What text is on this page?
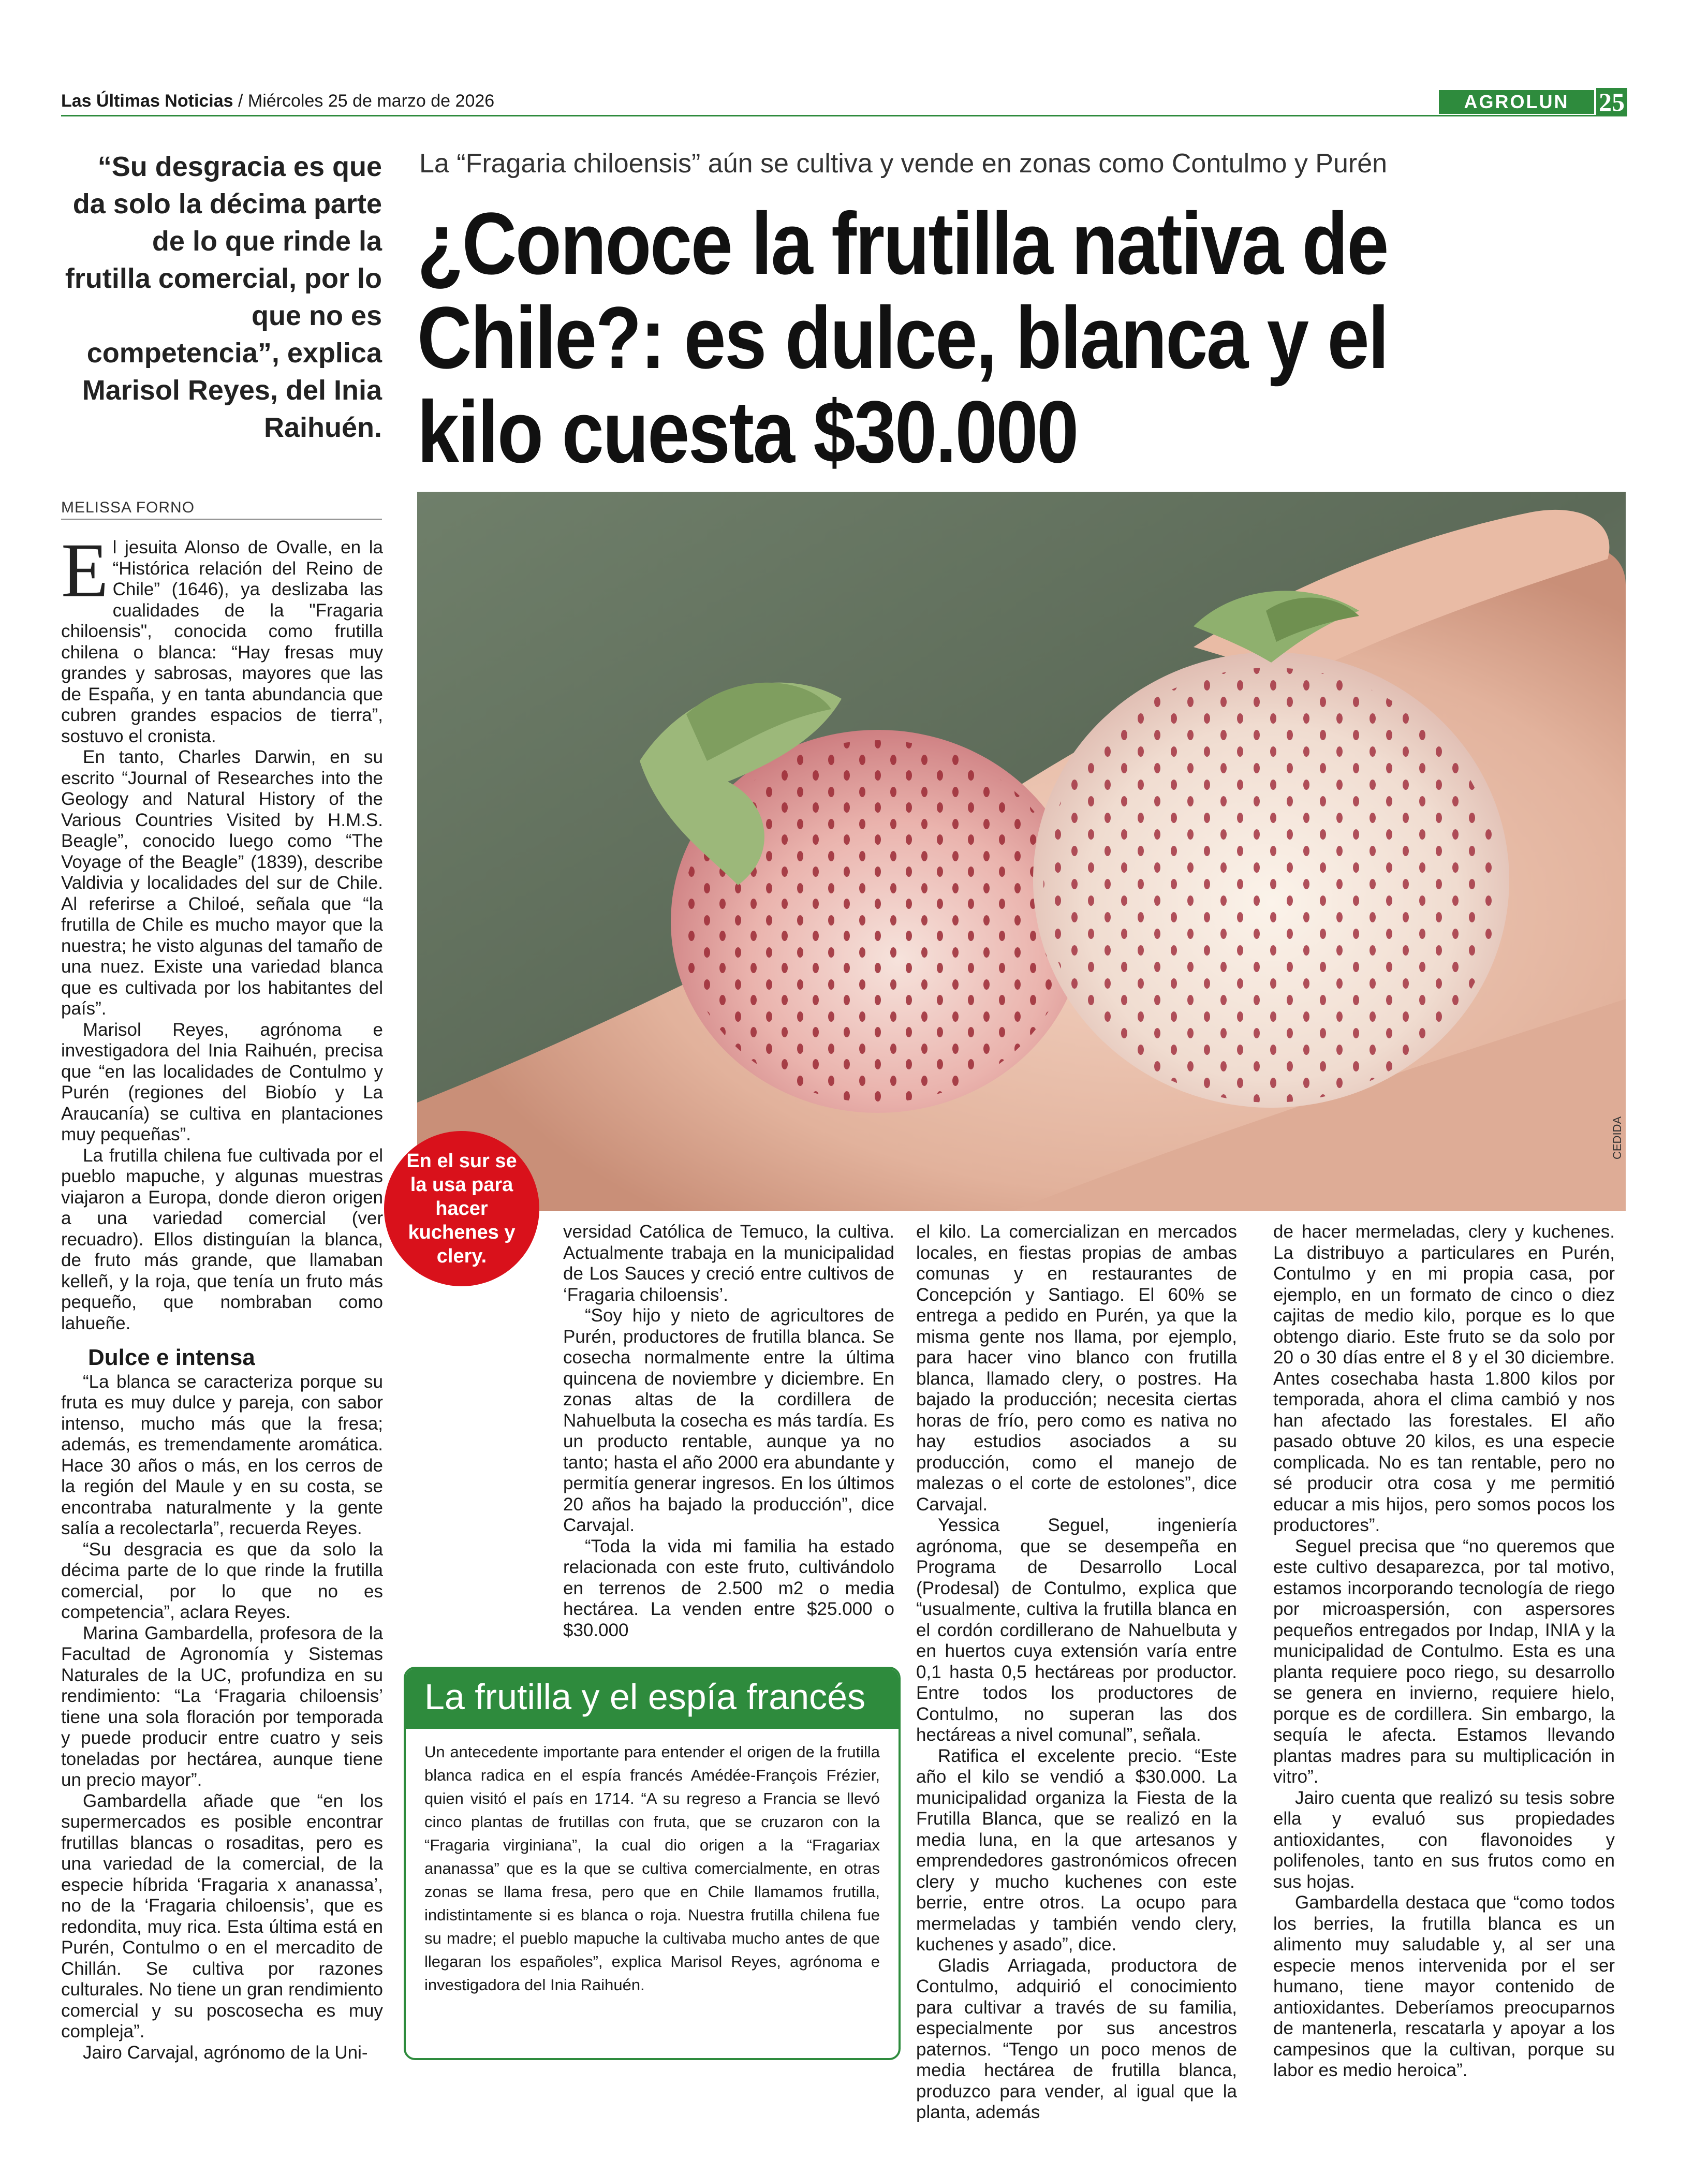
Las Últimas Noticias / Miércoles 25 de marzo de 2026	AGROLUN	25
“Su desgracia es que da solo la décima parte de lo que rinde la frutilla comercial, por lo que no es competencia”, explica Marisol Reyes, del Inia Raihuén.
La “Fragaria chiloensis” aún se cultiva y vende en zonas como Contulmo y Purén
¿Conoce la frutilla nativa de Chile?: es dulce, blanca y el kilo cuesta $30.000
MELISSA FORNO
CEDIDA
En el sur se la usa para hacer kuchenes y clery.

El jesuita Alonso de Ovalle, en la “Histórica relación del Reino de Chile” (1646), ya deslizaba las cualidades de la "Fragaria chiloensis", conocida como frutilla chilena o blanca: “Hay fresas muy grandes y sabrosas, mayores que las de España, y en tanta abundancia que cubren grandes espacios de tierra”, sostuvo el cronista.

En tanto, Charles Darwin, en su escrito “Journal of Researches into the Geology and Natural History of the Various Countries Visited by H.M.S. Beagle”, conocido luego como “The Voyage of the Beagle” (1839), describe Valdivia y localidades del sur de Chile. Al referirse a Chiloé, señala que “la frutilla de Chile es mucho mayor que la nuestra; he visto algunas del tamaño de una nuez. Existe una variedad blanca que es cultivada por los habitantes del país”.

Marisol Reyes, agrónoma e investigadora del Inia Raihuén, precisa que “en las localidades de Contulmo y Purén (regiones del Biobío y La Araucanía) se cultiva en plantaciones muy pequeñas”.

La frutilla chilena fue cultivada por el pueblo mapuche, y algunas muestras viajaron a Europa, donde dieron origen a una variedad comercial (ver recuadro). Ellos distinguían la blanca, de fruto más grande, que llamaban kelleñ, y la roja, que tenía un fruto más pequeño, que nombraban como lahueñe.

Dulce e intensa

“La blanca se caracteriza porque su fruta es muy dulce y pareja, con sabor intenso, mucho más que la fresa; además, es tremendamente aromática. Hace 30 años o más, en los cerros de la región del Maule y en su costa, se encontraba naturalmente y la gente salía a recolectarla”, recuerda Reyes.

“Su desgracia es que da solo la décima parte de lo que rinde la frutilla comercial, por lo que no es competencia”, aclara Reyes.

Marina Gambardella, profesora de la Facultad de Agronomía y Sistemas Naturales de la UC, profundiza en su rendimiento: “La ‘Fragaria chiloensis’ tiene una sola floración por temporada y puede producir entre cuatro y seis toneladas por hectárea, aunque tiene un precio mayor”.

Gambardella añade que “en los supermercados es posible encontrar frutillas blancas o rosaditas, pero es una variedad de la comercial, de la especie híbrida ‘Fragaria x ananassa’, no de la ‘Fragaria chiloensis’, que es redondita, muy rica. Esta última está en Purén, Contulmo o en el mercadito de Chillán. Se cultiva por razones culturales. No tiene un gran rendimiento comercial y su poscosecha es muy compleja”.

Jairo Carvajal, agrónomo de la Uni-

versidad Católica de Temuco, la cultiva. Actualmente trabaja en la municipalidad de Los Sauces y creció entre cultivos de ‘Fragaria chiloensis’.

“Soy hijo y nieto de agricultores de Purén, productores de frutilla blanca. Se cosecha normalmente entre la última quincena de noviembre y diciembre. En zonas altas de la cordillera de Nahuelbuta la cosecha es más tardía. Es un producto rentable, aunque ya no tanto; hasta el año 2000 era abundante y permitía generar ingresos. En los últimos 20 años ha bajado la producción”, dice Carvajal.

“Toda la vida mi familia ha estado relacionada con este fruto, cultivándolo en terrenos de 2.500 m2 o media hectárea. La venden entre $25.000 o $30.000

La frutilla y el espía francés
Un antecedente importante para entender el origen de la frutilla blanca radica en el espía francés Amédée-François Frézier, quien visitó el país en 1714. “A su regreso a Francia se llevó cinco plantas de frutillas con fruta, que se cruzaron con la “Fragaria virginiana”, la cual dio origen a la “Fragariax ananassa” que es la que se cultiva comercialmente, en otras zonas se llama fresa, pero que en Chile llamamos frutilla, indistintamente si es blanca o roja. Nuestra frutilla chilena fue su madre; el pueblo mapuche la cultivaba mucho antes de que llegaran los españoles”, explica Marisol Reyes, agrónoma e investigadora del Inia Raihuén.

el kilo. La comercializan en mercados locales, en fiestas propias de ambas comunas y en restaurantes de Concepción y Santiago. El 60% se entrega a pedido en Purén, ya que la misma gente nos llama, por ejemplo, para hacer vino blanco con frutilla blanca, llamado clery, o postres. Ha bajado la producción; necesita ciertas horas de frío, pero como es nativa no hay estudios asociados a su producción, como el manejo de malezas o el corte de estolones”, dice Carvajal.

Yessica Seguel, ingeniería agrónoma, que se desempeña en Programa de Desarrollo Local (Prodesal) de Contulmo, explica que “usualmente, cultiva la frutilla blanca en el cordón cordillerano de Nahuelbuta y en huertos cuya extensión varía entre 0,1 hasta 0,5 hectáreas por productor. Entre todos los productores de Contulmo, no superan las dos hectáreas a nivel comunal”, señala.

Ratifica el excelente precio. “Este año el kilo se vendió a $30.000. La municipalidad organiza la Fiesta de la Frutilla Blanca, que se realizó en la media luna, en la que artesanos y emprendedores gastronómicos ofrecen clery y mucho kuchenes con este berrie, entre otros. La ocupo para mermeladas y también vendo clery, kuchenes y asado”, dice.

Gladis Arriagada, productora de Contulmo, adquirió el conocimiento para cultivar a través de su familia, especialmente por sus ancestros paternos. “Tengo un poco menos de media hectárea de frutilla blanca, produzco para vender, al igual que la planta, además

de hacer mermeladas, clery y kuchenes. La distribuyo a particulares en Purén, Contulmo y en mi propia casa, por ejemplo, en un formato de cinco o diez cajitas de medio kilo, porque es lo que obtengo diario. Este fruto se da solo por 20 o 30 días entre el 8 y el 30 diciembre. Antes cosechaba hasta 1.800 kilos por temporada, ahora el clima cambió y nos han afectado las forestales. El año pasado obtuve 20 kilos, es una especie complicada. No es tan rentable, pero no sé producir otra cosa y me permitió educar a mis hijos, pero somos pocos los productores”.

Seguel precisa que “no queremos que este cultivo desaparezca, por tal motivo, estamos incorporando tecnología de riego por microaspersión, con aspersores pequeños entregados por Indap, INIA y la municipalidad de Contulmo. Esta es una planta requiere poco riego, su desarrollo se genera en invierno, requiere hielo, porque es de cordillera. Sin embargo, la sequía le afecta. Estamos llevando plantas madres para su multiplicación in vitro”.

Jairo cuenta que realizó su tesis sobre ella y evaluó sus propiedades antioxidantes, con flavonoides y polifenoles, tanto en sus frutos como en sus hojas.

Gambardella destaca que “como todos los berries, la frutilla blanca es un alimento muy saludable y, al ser una especie menos intervenida por el ser humano, tiene mayor contenido de antioxidantes. Deberíamos preocuparnos de mantenerla, rescatarla y apoyar a los campesinos que la cultivan, porque su labor es medio heroica”.
